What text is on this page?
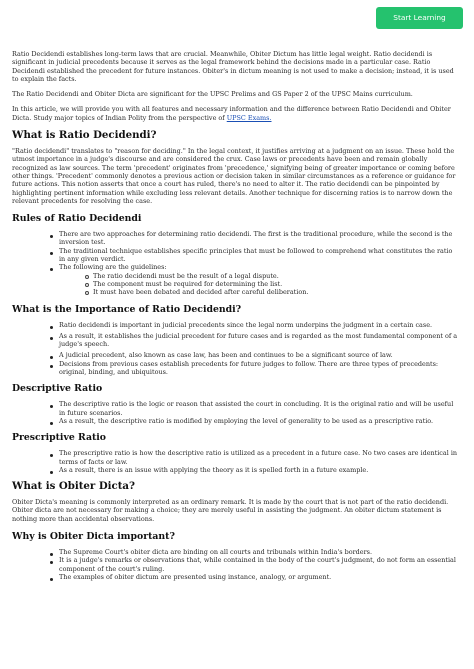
Start Learning

Ratio Decidendi establishes long-term laws that are crucial. Meanwhile, Obiter Dictum has little legal weight. Ratio decidendi is significant in judicial precedents because it serves as the legal framework behind the decisions made in a particular case. Ratio Decidendi established the precedent for future instances. Obiter's in dictum meaning is not used to make a decision; instead, it is used to explain the facts.

The Ratio Decidendi and Obiter Dicta are significant for the UPSC Prelims and GS Paper 2 of the UPSC Mains curriculum.

In this article, we will provide you with all features and necessary information and the difference between Ratio Decidendi and Obiter Dicta. Study major topics of Indian Polity from the perspective of UPSC Exams.

What is Ratio Decidendi?

"Ratio decidendi" translates to "reason for deciding." In the legal context, it justifies arriving at a judgment on an issue. These hold the utmost importance in a judge's discourse and are considered the crux. Case laws or precedents have been and remain globally recognized as law sources. The term 'precedent' originates from 'precedence,' signifying being of greater importance or coming before other things. 'Precedent' commonly denotes a previous action or decision taken in similar circumstances as a reference or guidance for future actions. This notion asserts that once a court has ruled, there's no need to alter it. The ratio decidendi can be pinpointed by highlighting pertinent information while excluding less relevant details. Another technique for discerning ratios is to narrow down the relevant precedents for resolving the case.

Rules of Ratio Decidendi
There are two approaches for determining ratio decidendi. The first is the traditional procedure, while the second is the inversion test.
The traditional technique establishes specific principles that must be followed to comprehend what constitutes the ratio in any given verdict.
The following are the guidelines:
The ratio decidendi must be the result of a legal dispute.
The component must be required for determining the list.
It must have been debated and decided after careful deliberation.
What is the Importance of Ratio Decidendi?
Ratio decidendi is important in judicial precedents since the legal norm underpins the judgment in a certain case.
As a result, it establishes the judicial precedent for future cases and is regarded as the most fundamental component of a judge's speech.
A judicial precedent, also known as case law, has been and continues to be a significant source of law.
Decisions from previous cases establish precedents for future judges to follow. There are three types of precedents: original, binding, and ubiquitous.
Descriptive Ratio
The descriptive ratio is the logic or reason that assisted the court in concluding. It is the original ratio and will be useful in future scenarios.
As a result, the descriptive ratio is modified by employing the level of generality to be used as a prescriptive ratio.
Prescriptive Ratio
The prescriptive ratio is how the descriptive ratio is utilized as a precedent in a future case. No two cases are identical in terms of facts or law.
As a result, there is an issue with applying the theory as it is spelled forth in a future example.
What is Obiter Dicta?

Obiter Dicta's meaning is commonly interpreted as an ordinary remark. It is made by the court that is not part of the ratio decidendi. Obiter dicta are not necessary for making a choice; they are merely useful in assisting the judgment. An obiter dictum statement is nothing more than accidental observations.

Why is Obiter Dicta important?
The Supreme Court's obiter dicta are binding on all courts and tribunals within India's borders.
It is a judge's remarks or observations that, while contained in the body of the court's judgment, do not form an essential component of the court's ruling.
The examples of obiter dictum are presented using instance, analogy, or argument.
